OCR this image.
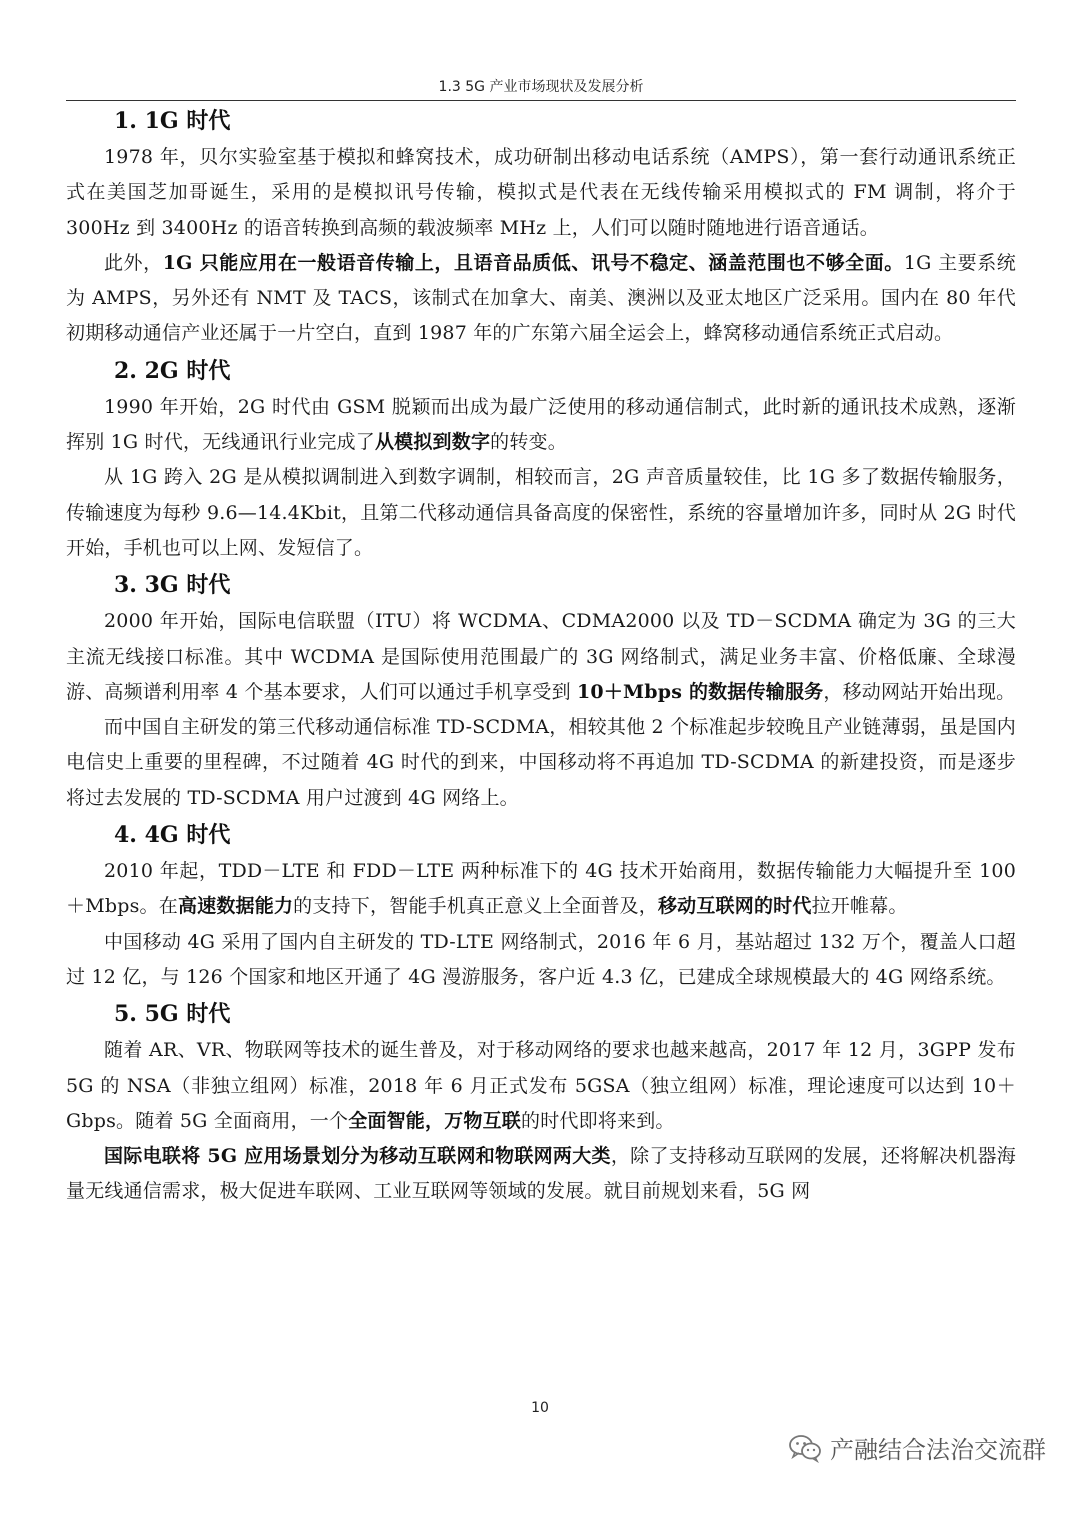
1.3 5G 产业市场现状及发展分析
1. 1G 时代

1978 年，贝尔实验室基于模拟和蜂窝技术，成功研制出移动电话系统（AMPS），第一套行动通讯系统正式在美国芝加哥诞生，采用的是模拟讯号传输，模拟式是代表在无线传输采用模拟式的 FM 调制，将介于 300Hz 到 3400Hz 的语音转换到高频的载波频率 MHz 上，人们可以随时随地进行语音通话。

此外，1G 只能应用在一般语音传输上，且语音品质低、讯号不稳定、涵盖范围也不够全面。1G 主要系统为 AMPS，另外还有 NMT 及 TACS，该制式在加拿大、南美、澳洲以及亚太地区广泛采用。国内在 80 年代初期移动通信产业还属于一片空白，直到 1987 年的广东第六届全运会上，蜂窝移动通信系统正式启动。

2. 2G 时代

1990 年开始，2G 时代由 GSM 脱颖而出成为最广泛使用的移动通信制式，此时新的通讯技术成熟，逐渐挥别 1G 时代，无线通讯行业完成了从模拟到数字的转变。

从 1G 跨入 2G 是从模拟调制进入到数字调制，相较而言，2G 声音质量较佳，比 1G 多了数据传输服务，传输速度为每秒 9.6—14.4Kbit，且第二代移动通信具备高度的保密性，系统的容量增加许多，同时从 2G 时代开始，手机也可以上网、发短信了。

3. 3G 时代

2000 年开始，国际电信联盟（ITU）将 WCDMA、CDMA2000 以及 TD－SCDMA 确定为 3G 的三大主流无线接口标准。其中 WCDMA 是国际使用范围最广的 3G 网络制式，满足业务丰富、价格低廉、全球漫游、高频谱利用率 4 个基本要求，人们可以通过手机享受到 10＋Mbps 的数据传输服务，移动网站开始出现。

而中国自主研发的第三代移动通信标准 TD-SCDMA，相较其他 2 个标准起步较晚且产业链薄弱，虽是国内电信史上重要的里程碑，不过随着 4G 时代的到来，中国移动将不再追加 TD-SCDMA 的新建投资，而是逐步将过去发展的 TD-SCDMA 用户过渡到 4G 网络上。

4. 4G 时代

2010 年起，TDD－LTE 和 FDD－LTE 两种标准下的 4G 技术开始商用，数据传输能力大幅提升至 100＋Mbps。在高速数据能力的支持下，智能手机真正意义上全面普及，移动互联网的时代拉开帷幕。

中国移动 4G 采用了国内自主研发的 TD-LTE 网络制式，2016 年 6 月，基站超过 132 万个，覆盖人口超过 12 亿，与 126 个国家和地区开通了 4G 漫游服务，客户近 4.3 亿，已建成全球规模最大的 4G 网络系统。

5. 5G 时代

随着 AR、VR、物联网等技术的诞生普及，对于移动网络的要求也越来越高，2017 年 12 月，3GPP 发布 5G 的 NSA（非独立组网）标准，2018 年 6 月正式发布 5GSA（独立组网）标准，理论速度可以达到 10＋Gbps。随着 5G 全面商用，一个全面智能，万物互联的时代即将来到。

国际电联将 5G 应用场景划分为移动互联网和物联网两大类，除了支持移动互联网的发展，还将解决机器海量无线通信需求，极大促进车联网、工业互联网等领域的发展。就目前规划来看，5G 网

10
产融结合法治交流群
